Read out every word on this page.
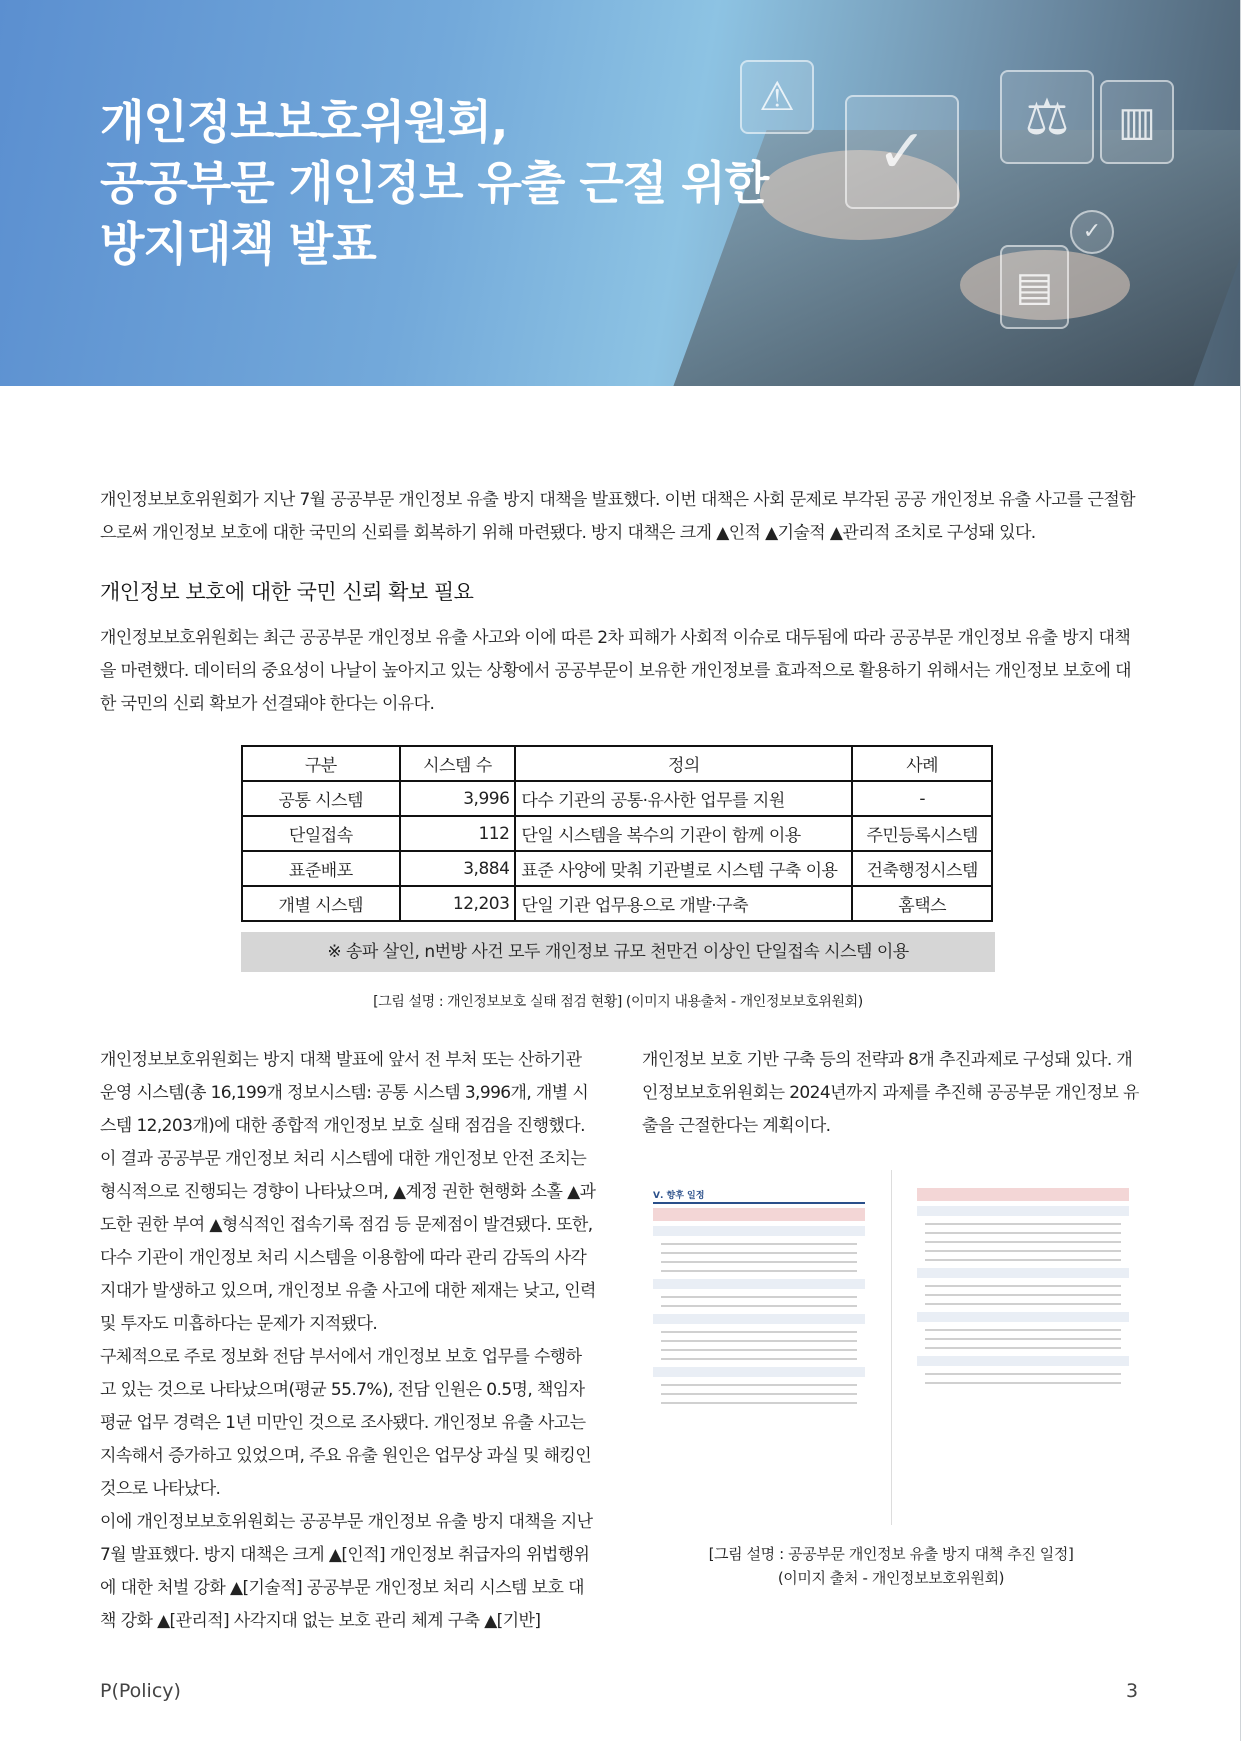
⚠
✓	⚖	▥
▤
✓
개인정보보호위원회,
공공부문 개인정보 유출 근절 위한
방지대책 발표

개인정보보호위원회가 지난 7월 공공부문 개인정보 유출 방지 대책을 발표했다. 이번 대책은 사회 문제로 부각된 공공 개인정보 유출 사고를 근절함으로써 개인정보 보호에 대한 국민의 신뢰를 회복하기 위해 마련됐다. 방지 대책은 크게 ▲인적 ▲기술적 ▲관리적 조치로 구성돼 있다.

개인정보 보호에 대한 국민 신뢰 확보 필요

개인정보보호위원회는 최근 공공부문 개인정보 유출 사고와 이에 따른 2차 피해가 사회적 이슈로 대두됨에 따라 공공부문 개인정보 유출 방지 대책을 마련했다. 데이터의 중요성이 나날이 높아지고 있는 상황에서 공공부문이 보유한 개인정보를 효과적으로 활용하기 위해서는 개인정보 보호에 대한 국민의 신뢰 확보가 선결돼야 한다는 이유다.

구분	시스템 수	정의	사례
공통 시스템	3,996	다수 기관의 공통·유사한 업무를 지원	-
단일접속	112	단일 시스템을 복수의 기관이 함께 이용	주민등록시스템
표준배포	3,884	표준 사양에 맞춰 기관별로 시스템 구축 이용	건축행정시스템
개별 시스템	12,203	단일 기관 업무용으로 개발·구축	홈택스
※ 송파 살인, n번방 사건 모두 개인정보 규모 천만건 이상인 단일접속 시스템 이용
[그림 설명 : 개인정보보호 실태 점검 현황] (이미지 내용출처 - 개인정보보호위원회)

개인정보보호위원회는 방지 대책 발표에 앞서 전 부처 또는 산하기관 운영 시스템(총 16,199개 정보시스템: 공통 시스템 3,996개, 개별 시스템 12,203개)에 대한 종합적 개인정보 보호 실태 점검을 진행했다.

이 결과 공공부문 개인정보 처리 시스템에 대한 개인정보 안전 조치는 형식적으로 진행되는 경향이 나타났으며, ▲계정 권한 현행화 소홀 ▲과도한 권한 부여 ▲형식적인 접속기록 점검 등 문제점이 발견됐다. 또한, 다수 기관이 개인정보 처리 시스템을 이용함에 따라 관리 감독의 사각지대가 발생하고 있으며, 개인정보 유출 사고에 대한 제재는 낮고, 인력 및 투자도 미흡하다는 문제가 지적됐다.

구체적으로 주로 정보화 전담 부서에서 개인정보 보호 업무를 수행하고 있는 것으로 나타났으며(평균 55.7%), 전담 인원은 0.5명, 책임자 평균 업무 경력은 1년 미만인 것으로 조사됐다. 개인정보 유출 사고는 지속해서 증가하고 있었으며, 주요 유출 원인은 업무상 과실 및 해킹인 것으로 나타났다.

이에 개인정보보호위원회는 공공부문 개인정보 유출 방지 대책을 지난 7월 발표했다. 방지 대책은 크게 ▲[인적] 개인정보 취급자의 위법행위에 대한 처벌 강화 ▲[기술적] 공공부문 개인정보 처리 시스템 보호 대책 강화 ▲[관리적] 사각지대 없는 보호 관리 체계 구축 ▲[기반]

개인정보 보호 기반 구축 등의 전략과 8개 추진과제로 구성돼 있다. 개인정보보호위원회는 2024년까지 과제를 추진해 공공부문 개인정보 유출을 근절한다는 계획이다.

Ⅴ. 향후 일정
[그림 설명 : 공공부문 개인정보 유출 방지 대책 추진 일정]
(이미지 출처 - 개인정보보호위원회)

P(Policy)	3
